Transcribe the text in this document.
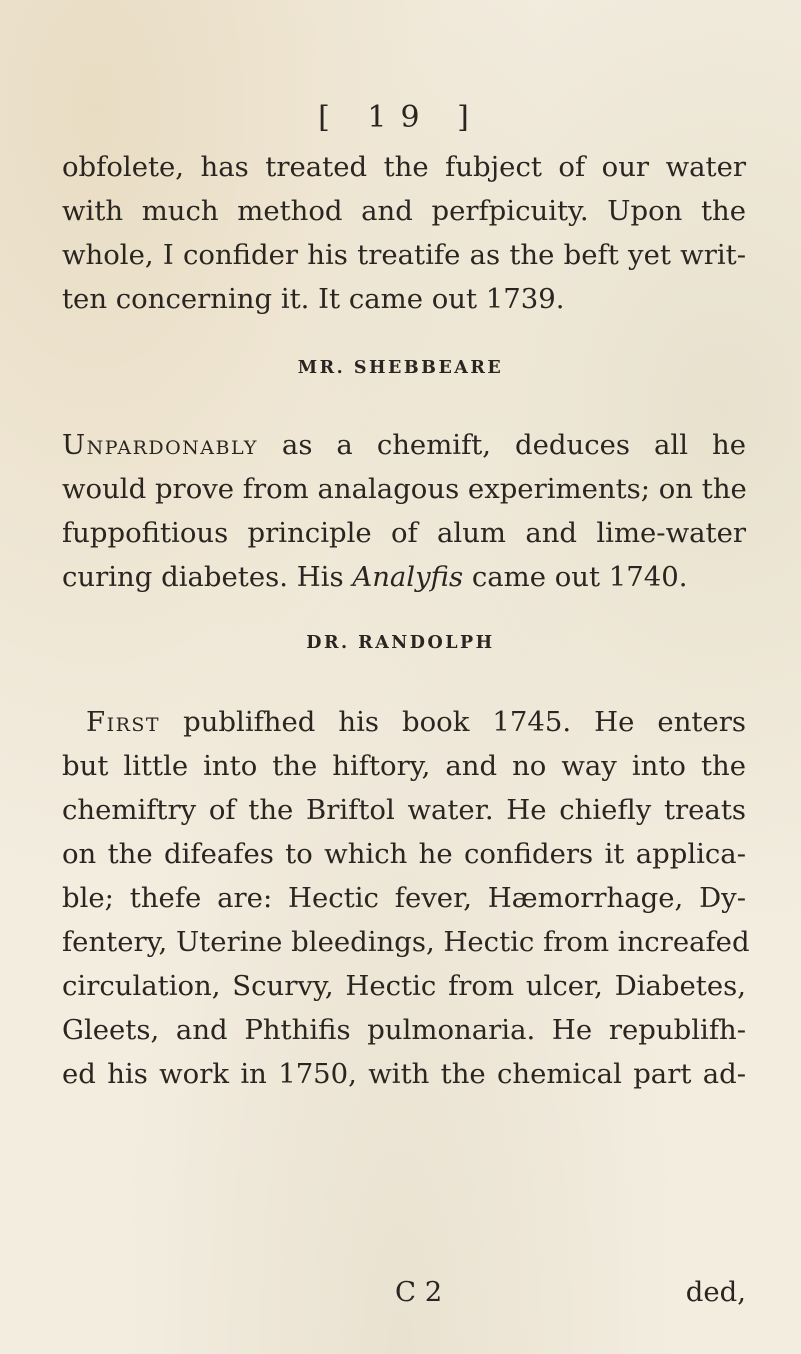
[ 19 ]
obfolete, has treated the fubject of our water
with much method and perfpicuity. Upon the
whole, I confider his treatife as the beft yet writ-
ten concerning it. It came out 1739.
MR. SHEBBEARE
Unpardonably as a chemift, deduces all he
would prove from analagous experiments; on the
fuppofitious principle of alum and lime-water
curing diabetes. His Analyfis came out 1740.
DR. RANDOLPH
First publifhed his book 1745. He enters
but little into the hiftory, and no way into the
chemiftry of the Briftol water. He chiefly treats
on the difeafes to which he confiders it applica-
ble; thefe are: Hectic fever, Hæmorrhage, Dy-
fentery, Uterine bleedings, Hectic from increafed
circulation, Scurvy, Hectic from ulcer, Diabetes,
Gleets, and Phthifis pulmonaria. He republifh-
ed his work in 1750, with the chemical part ad-
C 2	ded,
